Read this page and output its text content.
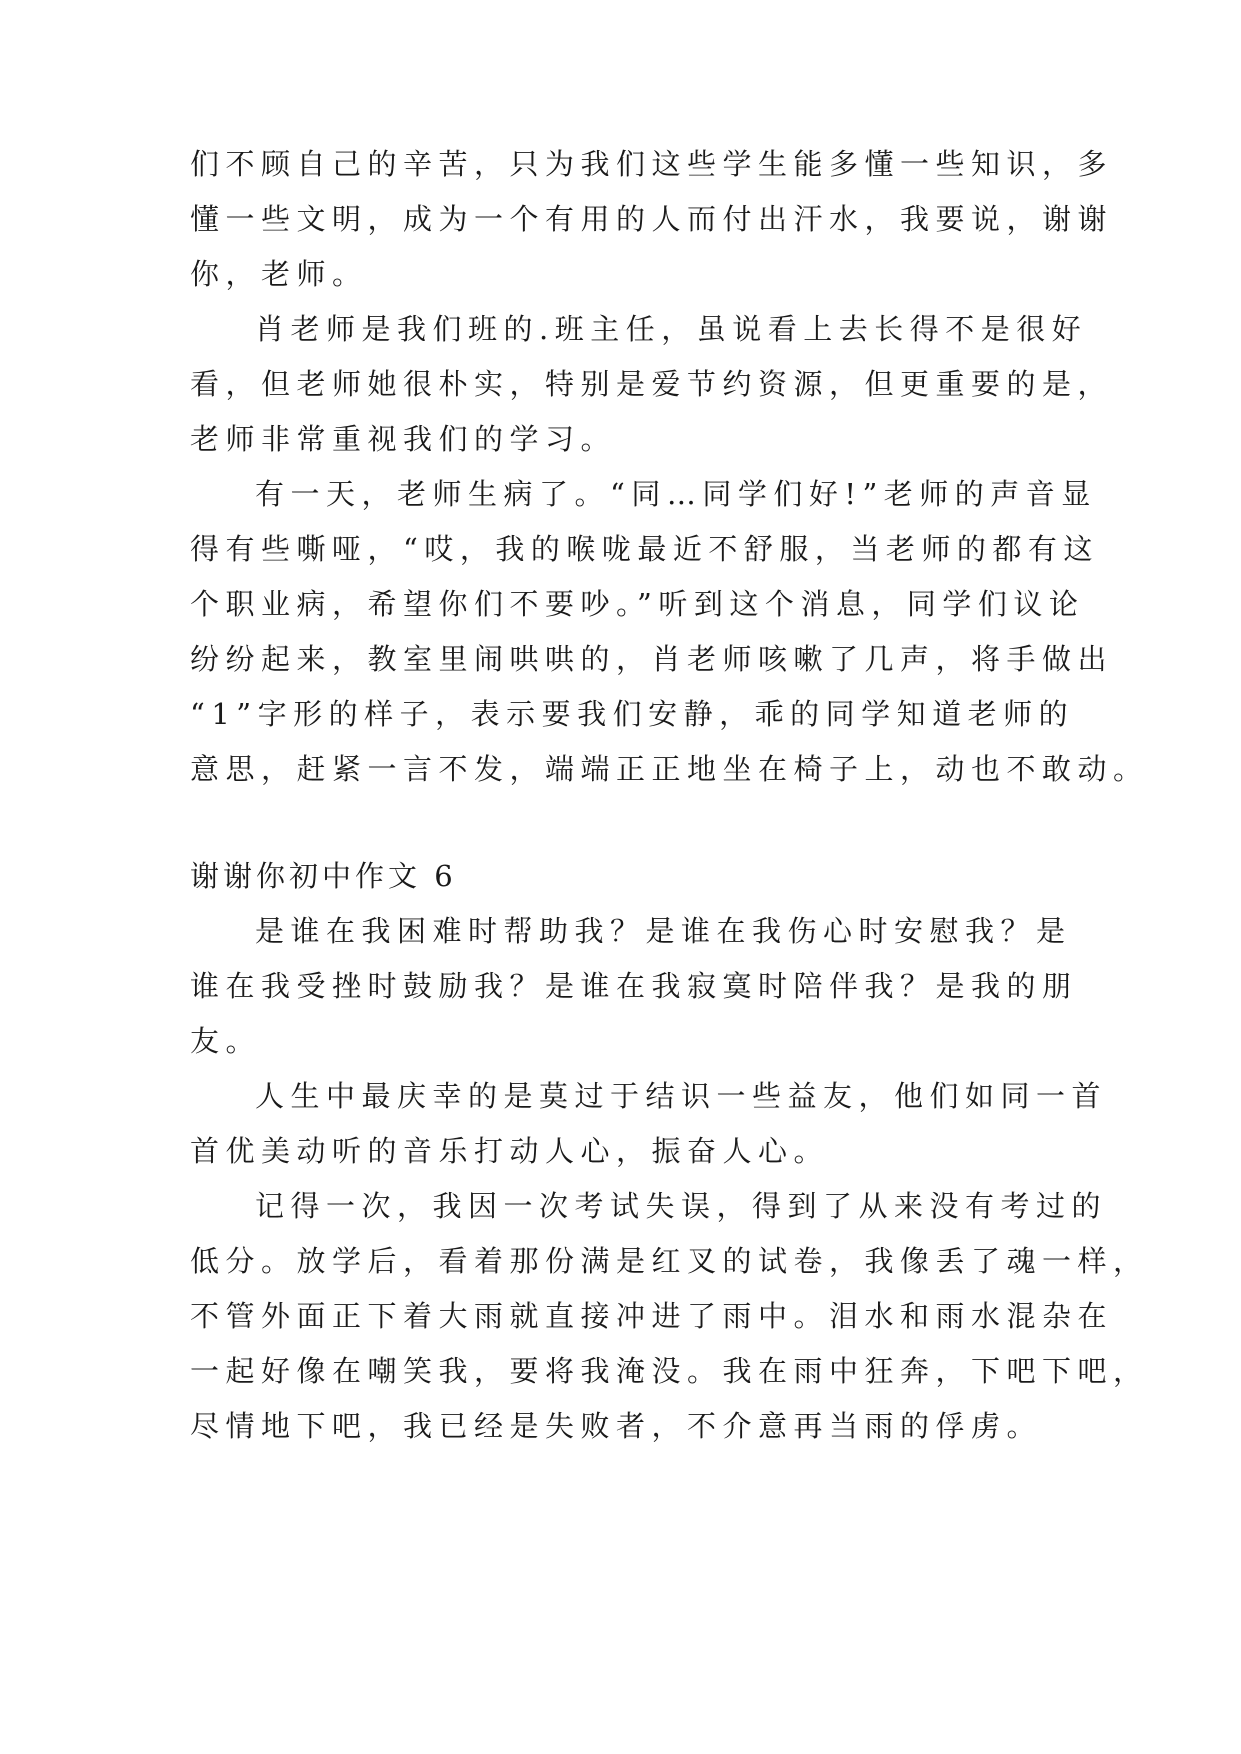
们不顾自己的辛苦，只为我们这些学生能多懂一些知识，多
懂一些文明，成为一个有用的人而付出汗水，我要说，谢谢
你，老师。
肖老师是我们班的.班主任，虽说看上去长得不是很好
看，但老师她很朴实，特别是爱节约资源，但更重要的是，
老师非常重视我们的学习。
有一天，老师生病了。“同…同学们好!”老师的声音显
得有些嘶哑，“哎，我的喉咙最近不舒服，当老师的都有这
个职业病，希望你们不要吵。”听到这个消息，同学们议论
纷纷起来，教室里闹哄哄的，肖老师咳嗽了几声，将手做出
“1”字形的样子，表示要我们安静，乖的同学知道老师的
意思，赶紧一言不发，端端正正地坐在椅子上，动也不敢动。
谢谢你初中作文 6
是谁在我困难时帮助我？是谁在我伤心时安慰我？是
谁在我受挫时鼓励我？是谁在我寂寞时陪伴我？是我的朋
友。
人生中最庆幸的是莫过于结识一些益友，他们如同一首
首优美动听的音乐打动人心，振奋人心。
记得一次，我因一次考试失误，得到了从来没有考过的
低分。放学后，看着那份满是红叉的试卷，我像丢了魂一样，
不管外面正下着大雨就直接冲进了雨中。泪水和雨水混杂在
一起好像在嘲笑我，要将我淹没。我在雨中狂奔，下吧下吧，
尽情地下吧，我已经是失败者，不介意再当雨的俘虏。
